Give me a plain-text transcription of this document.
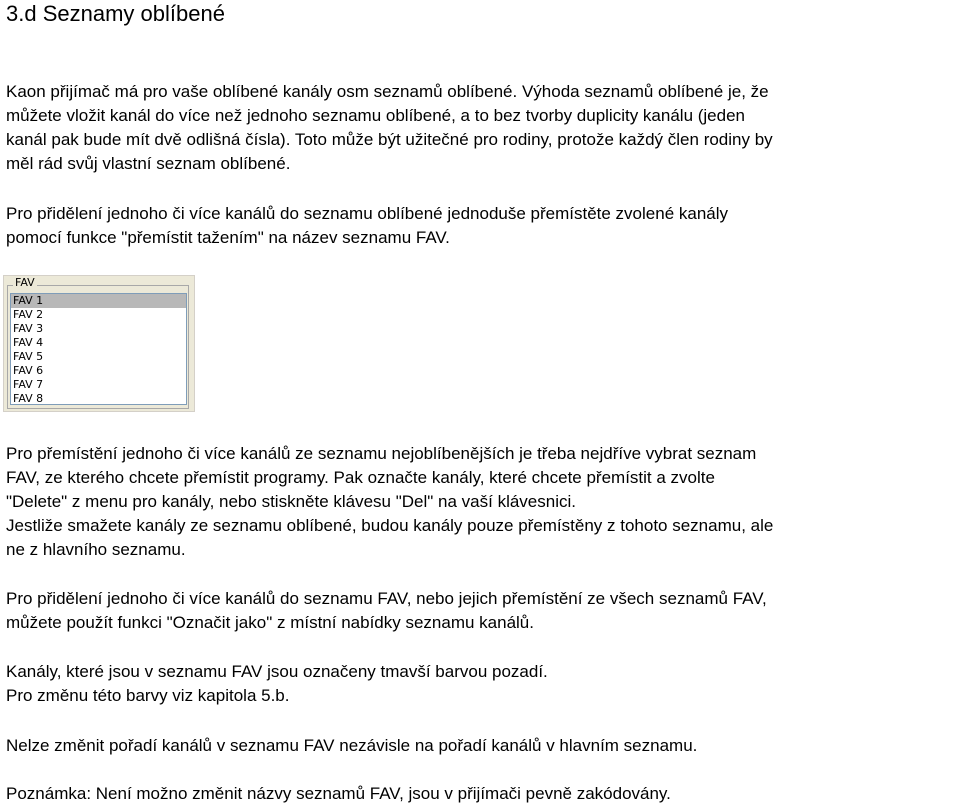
3.d Seznamy oblíbené

Kaon přijímač má pro vaše oblíbené kanály osm seznamů oblíbené. Výhoda seznamů oblíbené je, že
můžete vložit kanál do více než jednoho seznamu oblíbené, a to bez tvorby duplicity kanálu (jeden
kanál pak bude mít dvě odlišná čísla). Toto může být užitečné pro rodiny, protože každý člen rodiny by
měl rád svůj vlastní seznam oblíbené.

Pro přidělení jednoho či více kanálů do seznamu oblíbené jednoduše přemístěte zvolené kanály
pomocí funkce "přemístit tažením" na název seznamu FAV.

FAV
FAV 1
FAV 2
FAV 3
FAV 4
FAV 5
FAV 6
FAV 7
FAV 8

Pro přemístění jednoho či více kanálů ze seznamu nejoblíbenějších je třeba nejdříve vybrat seznam
FAV, ze kterého chcete přemístit programy. Pak označte kanály, které chcete přemístit a zvolte
"Delete" z menu pro kanály, nebo stiskněte klávesu "Del" na vaší klávesnici.
Jestliže smažete kanály ze seznamu oblíbené, budou kanály pouze přemístěny z tohoto seznamu, ale
ne z hlavního seznamu.

Pro přidělení jednoho či více kanálů do seznamu FAV, nebo jejich přemístění ze všech seznamů FAV,
můžete použít funkci "Označit jako" z místní nabídky seznamu kanálů.

Kanály, které jsou v seznamu FAV jsou označeny tmavší barvou pozadí.
Pro změnu této barvy viz kapitola 5.b.

Nelze změnit pořadí kanálů v seznamu FAV nezávisle na pořadí kanálů v hlavním seznamu.

Poznámka: Není možno změnit názvy seznamů FAV, jsou v přijímači pevně zakódovány.
